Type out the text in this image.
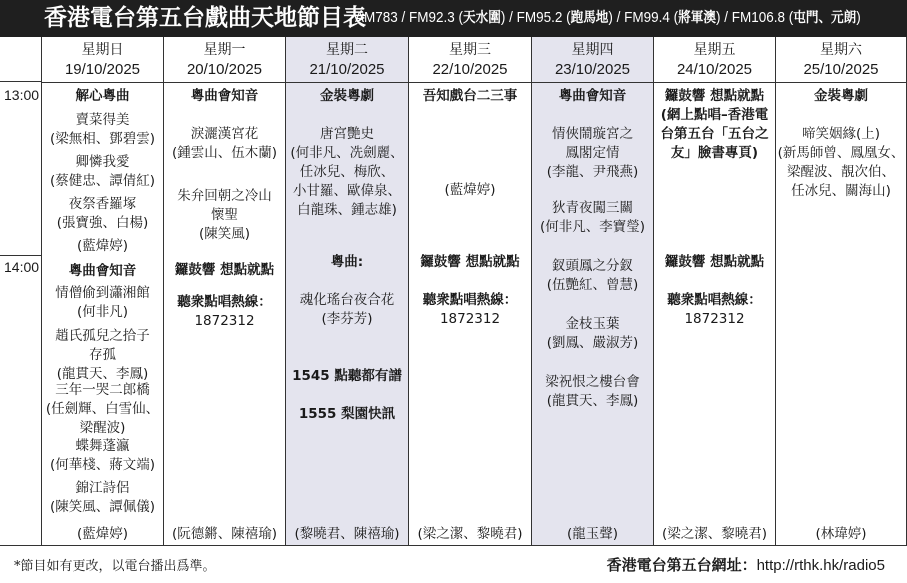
香港電台第五台戲曲天地節目表
AM783 / FM92.3 (天水圍) / FM95.2 (跑馬地) / FM99.4 (將軍澳) / FM106.8 (屯門、元朗)
13:00
14:00
星期日
19/10/2025
解心粵曲
賣菜得美
(梁無相、鄧碧雲)
卿憐我愛
(蔡健忠、譚倩紅)
夜祭香羅塚
(張寶強、白楊)
(藍煒婷)
粵曲會知音
情僧偷到瀟湘館
(何非凡)
趙氏孤兒之拾子
存孤
(龍貫天、李鳳)
三年一哭二郎橋
(任劍輝、白雪仙、
梁醒波)
蝶舞蓬瀛
(何華棧、蔣文端)
錦江詩侶
(陳笑風、譚佩儀)
(藍煒婷)
星期一
20/10/2025
粵曲會知音
淚灑漢宮花
(鍾雲山、伍木蘭)
朱弁回朝之冷山
懷聖
(陳笑風)
鑼鼓響 想點就點
聽衆點唱熱線：
1872312
(阮德鏘、陳禧瑜)
星期二
21/10/2025
金裝粵劇
唐宮艷史
(何非凡、冼劍麗、
任冰兒、梅欣、
小甘羅、歐偉泉、
白龍珠、鍾志雄)
粵曲:
魂化瑤台夜合花
(李芬芳)
1545 點聽都有譜
1555 梨園快訊
(黎曉君、陳禧瑜)
星期三
22/10/2025
吾知戲台二三事
(藍煒婷)
鑼鼓響 想點就點
聽衆點唱熱線：
1872312
(梁之潔、黎曉君)
星期四
23/10/2025
粵曲會知音
情俠鬧璇宮之
鳳閣定情
(李龍、尹飛燕)
狄青夜闖三關
(何非凡、李寶瑩)
釵頭鳳之分釵
(伍艷紅、曾慧)
金枝玉葉
(劉鳳、嚴淑芳)
梁祝恨之樓台會
(龍貫天、李鳳)
(龍玉聲)
星期五
24/10/2025
鑼鼓響 想點就點
(網上點唱–香港電
台第五台「五台之
友」臉書專頁)
鑼鼓響 想點就點
聽衆點唱熱線：
1872312
(梁之潔、黎曉君)
星期六
25/10/2025
金裝粵劇
啼笑姻緣(上)
(新馬師曾、鳳凰女、
梁醒波、靚次伯、
任冰兒、關海山)
(林瑋婷)
*節目如有更改，以電台播出爲準。	香港電台第五台網址：http://rthk.hk/radio5
